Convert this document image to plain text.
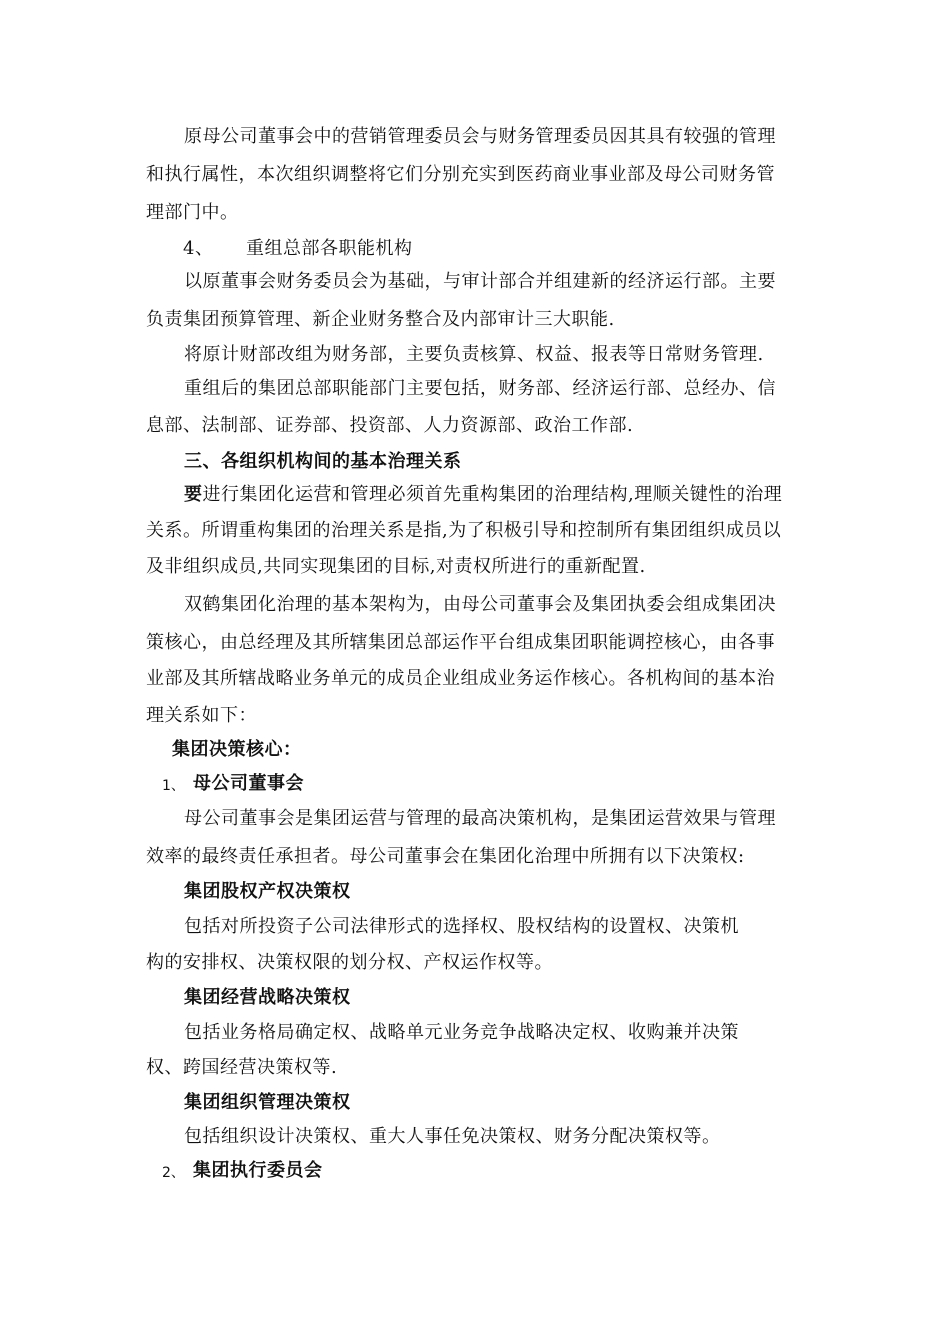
原母公司董事会中的营销管理委员会与财务管理委员因其具有较强的管理
和执行属性，本次组织调整将它们分别充实到医药商业事业部及母公司财务管
理部门中。
4、 重组总部各职能机构
以原董事会财务委员会为基础，与审计部合并组建新的经济运行部。主要
负责集团预算管理、新企业财务整合及内部审计三大职能.
将原计财部改组为财务部，主要负责核算、权益、报表等日常财务管理.
重组后的集团总部职能部门主要包括，财务部、经济运行部、总经办、信
息部、法制部、证券部、投资部、人力资源部、政治工作部.
三、各组织机构间的基本治理关系
要进行集团化运营和管理必须首先重构集团的治理结构,理顺关键性的治理
关系。所谓重构集团的治理关系是指,为了积极引导和控制所有集团组织成员以
及非组织成员,共同实现集团的目标,对责权所进行的重新配置.
双鹤集团化治理的基本架构为，由母公司董事会及集团执委会组成集团决
策核心，由总经理及其所辖集团总部运作平台组成集团职能调控核心，由各事
业部及其所辖战略业务单元的成员企业组成业务运作核心。各机构间的基本治
理关系如下：
集团决策核心：
1、 母公司董事会
母公司董事会是集团运营与管理的最高决策机构，是集团运营效果与管理
效率的最终责任承担者。母公司董事会在集团化治理中所拥有以下决策权:
集团股权产权决策权
包括对所投资子公司法律形式的选择权、股权结构的设置权、决策机
构的安排权、决策权限的划分权、产权运作权等。
集团经营战略决策权
包括业务格局确定权、战略单元业务竞争战略决定权、收购兼并决策
权、跨国经营决策权等.
集团组织管理决策权
包括组织设计决策权、重大人事任免决策权、财务分配决策权等。
2、 集团执行委员会
